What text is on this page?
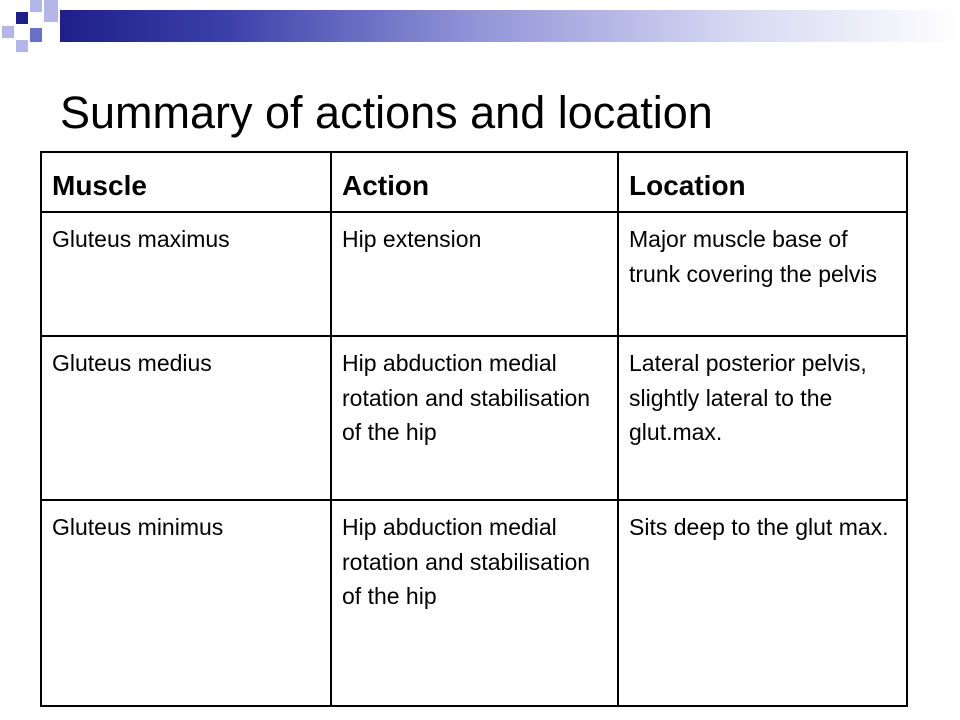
Summary of actions and location
Muscle	Action	Location
Gluteus maximus	Hip extension	Major muscle base of trunk covering the pelvis
Gluteus medius	Hip abduction medial rotation and stabilisation of the hip	Lateral posterior pelvis, slightly lateral to the glut.max.
Gluteus minimus	Hip abduction medial rotation and stabilisation of the hip	Sits deep to the glut max.
